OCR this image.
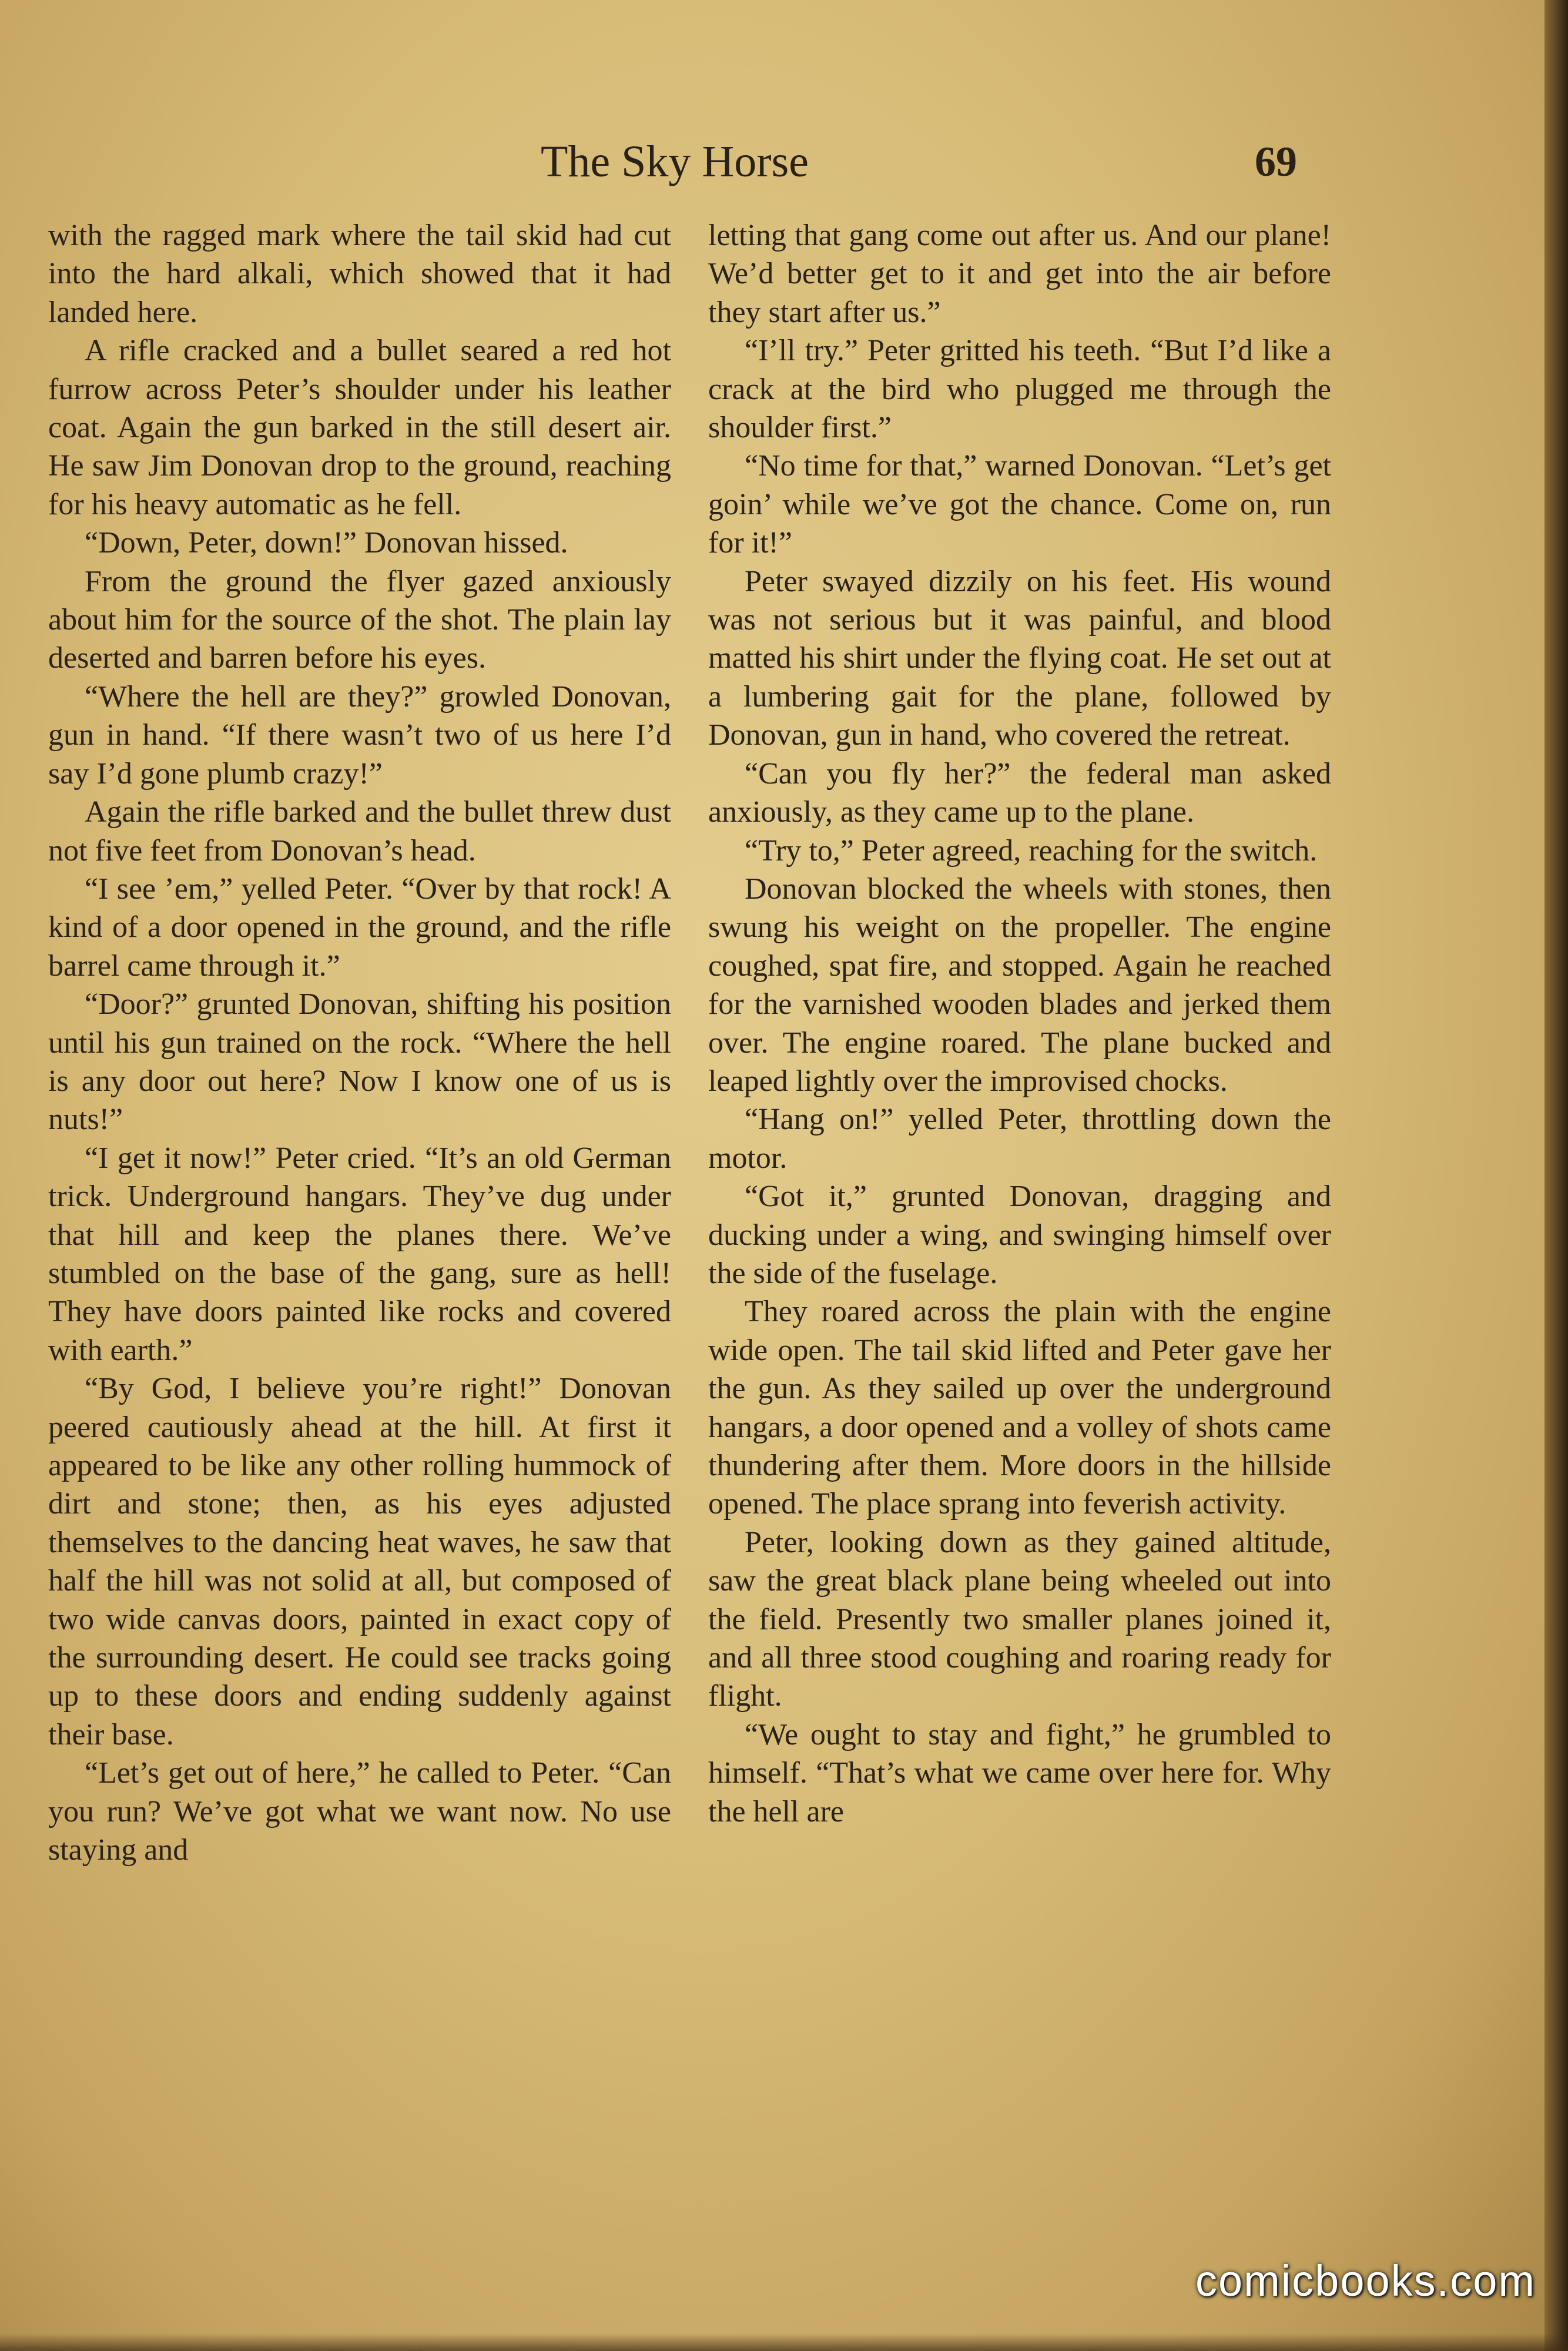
The Sky Horse	69

with the ragged mark where the tail skid had cut into the hard alkali, which showed that it had landed here.

A rifle cracked and a bullet seared a red hot furrow across Peter’s shoulder under his leather coat. Again the gun barked in the still desert air. He saw Jim Donovan drop to the ground, reaching for his heavy automatic as he fell.

“Down, Peter, down!” Donovan hissed.

From the ground the flyer gazed anxiously about him for the source of the shot. The plain lay deserted and barren before his eyes.

“Where the hell are they?” growled Donovan, gun in hand. “If there wasn’t two of us here I’d say I’d gone plumb crazy!”

Again the rifle barked and the bullet threw dust not five feet from Donovan’s head.

“I see ’em,” yelled Peter. “Over by that rock! A kind of a door opened in the ground, and the rifle barrel came through it.”

“Door?” grunted Donovan, shifting his position until his gun trained on the rock. “Where the hell is any door out here? Now I know one of us is nuts!”

“I get it now!” Peter cried. “It’s an old German trick. Underground hangars. They’ve dug under that hill and keep the planes there. We’ve stumbled on the base of the gang, sure as hell! They have doors painted like rocks and covered with earth.”

“By God, I believe you’re right!” Donovan peered cautiously ahead at the hill. At first it appeared to be like any other rolling hummock of dirt and stone; then, as his eyes adjusted themselves to the dancing heat waves, he saw that half the hill was not solid at all, but composed of two wide canvas doors, painted in exact copy of the surrounding desert. He could see tracks going up to these doors and ending suddenly against their base.

“Let’s get out of here,” he called to Peter. “Can you run? We’ve got what we want now. No use staying and

letting that gang come out after us. And our plane! We’d better get to it and get into the air before they start after us.”

“I’ll try.” Peter gritted his teeth. “But I’d like a crack at the bird who plugged me through the shoulder first.”

“No time for that,” warned Donovan. “Let’s get goin’ while we’ve got the chance. Come on, run for it!”

Peter swayed dizzily on his feet. His wound was not serious but it was painful, and blood matted his shirt under the flying coat. He set out at a lumbering gait for the plane, followed by Donovan, gun in hand, who covered the retreat.

“Can you fly her?” the federal man asked anxiously, as they came up to the plane.

“Try to,” Peter agreed, reaching for the switch.

Donovan blocked the wheels with stones, then swung his weight on the propeller. The engine coughed, spat fire, and stopped. Again he reached for the varnished wooden blades and jerked them over. The engine roared. The plane bucked and leaped lightly over the improvised chocks.

“Hang on!” yelled Peter, throttling down the motor.

“Got it,” grunted Donovan, dragging and ducking under a wing, and swinging himself over the side of the fuselage.

They roared across the plain with the engine wide open. The tail skid lifted and Peter gave her the gun. As they sailed up over the underground hangars, a door opened and a volley of shots came thundering after them. More doors in the hillside opened. The place sprang into feverish activity.

Peter, looking down as they gained altitude, saw the great black plane being wheeled out into the field. Presently two smaller planes joined it, and all three stood coughing and roaring ready for flight.

“We ought to stay and fight,” he grumbled to himself. “That’s what we came over here for. Why the hell are

comicbooks.com
